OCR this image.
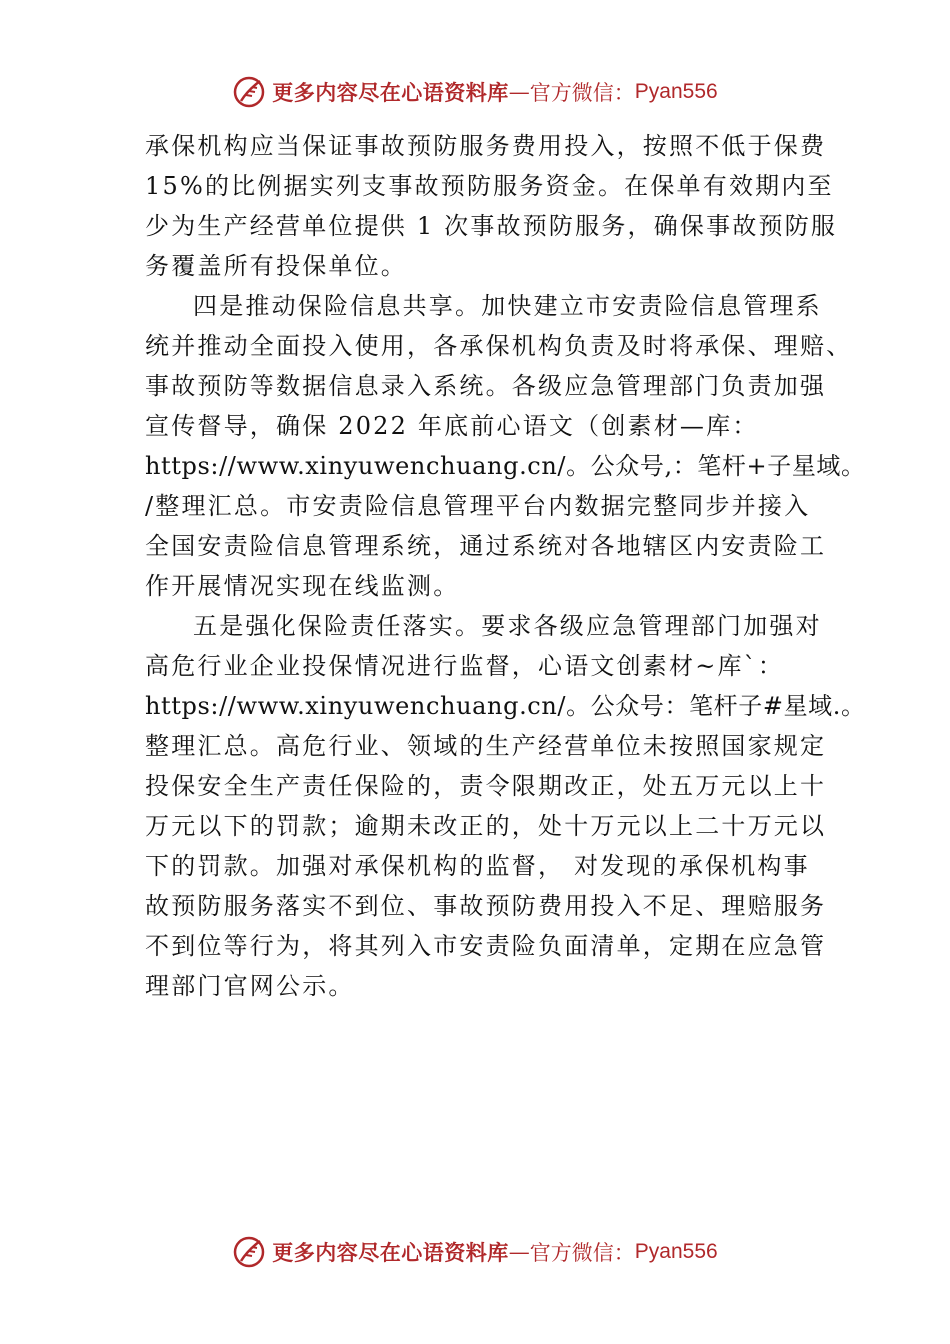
更多内容尽在心语资料库 — 官方微信： Pyan556
承保机构应当保证事故预防服务费用投入，按照不低于保费
15%的比例据实列支事故预防服务资金。在保单有效期内至
少为生产经营单位提供 1 次事故预防服务，确保事故预防服
务覆盖所有投保单位。
四是推动保险信息共享。加快建立市安责险信息管理系
统并推动全面投入使用，各承保机构负责及时将承保、理赔、
事故预防等数据信息录入系统。各级应急管理部门负责加强
宣传督导，确保 2022 年底前心语文（创素材—库：
https://www.xinyuwenchuang.cn/。公众号,：笔杆+子星域。
/整理汇总。市安责险信息管理平台内数据完整同步并接入
全国安责险信息管理系统，通过系统对各地辖区内安责险工
作开展情况实现在线监测。
五是强化保险责任落实。要求各级应急管理部门加强对
高危行业企业投保情况进行监督，心语文创素材~库`：
https://www.xinyuwenchuang.cn/。公众号：笔杆子#星域.。
整理汇总。高危行业、领域的生产经营单位未按照国家规定
投保安全生产责任保险的，责令限期改正，处五万元以上十
万元以下的罚款；逾期未改正的，处十万元以上二十万元以
下的罚款。加强对承保机构的监督， 对发现的承保机构事
故预防服务落实不到位、事故预防费用投入不足、理赔服务
不到位等行为，将其列入市安责险负面清单，定期在应急管
理部门官网公示。
更多内容尽在心语资料库 — 官方微信： Pyan556
